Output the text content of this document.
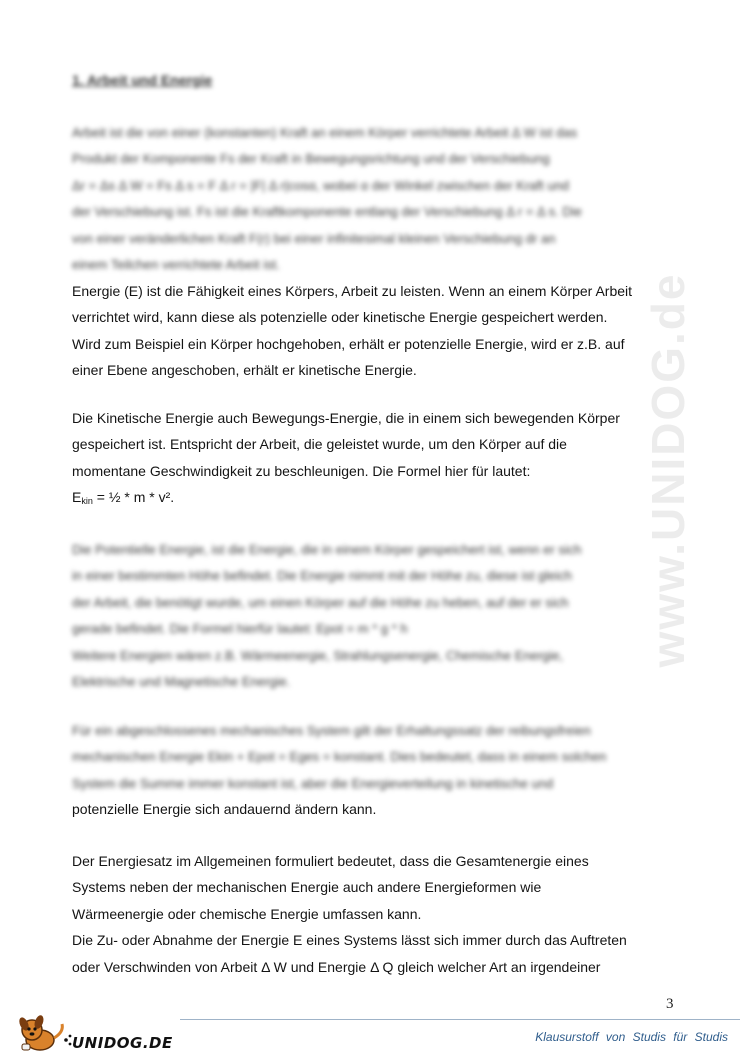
www.UNIDOG.de
1. Arbeit und Energie
Arbeit ist die von einer (konstanten) Kraft an einem Körper verrichtete Arbeit Δ W ist das
Produkt der Komponente Fs der Kraft in Bewegungsrichtung und der Verschiebung
Δr = Δs Δ W = Fs Δ s = F Δ r = |F| Δ r|cosα, wobei α der Winkel zwischen der Kraft und
der Verschiebung ist. Fs ist die Kraftkomponente entlang der Verschiebung Δ r = Δ s. Die
von einer veränderlichen Kraft F(r) bei einer infinitesimal kleinen Verschiebung dr an
einem Teilchen verrichtete Arbeit ist.
Energie (E) ist die Fähigkeit eines Körpers, Arbeit zu leisten. Wenn an einem Körper Arbeit
verrichtet wird, kann diese als potenzielle oder kinetische Energie gespeichert werden.
Wird zum Beispiel ein Körper hochgehoben, erhält er potenzielle Energie, wird er z.B. auf
einer Ebene angeschoben, erhält er kinetische Energie.
Die Kinetische Energie auch Bewegungs-Energie, die in einem sich bewegenden Körper
gespeichert ist. Entspricht der Arbeit, die geleistet wurde, um den Körper auf die
momentane Geschwindigkeit zu beschleunigen. Die Formel hier für lautet:
$E_{kin}$ = ½ * m * v².
Die Potentielle Energie, ist die Energie, die in einem Körper gespeichert ist, wenn er sich
in einer bestimmten Höhe befindet. Die Energie nimmt mit der Höhe zu, diese ist gleich
der Arbeit, die benötigt wurde, um einen Körper auf die Höhe zu heben, auf der er sich
gerade befindet. Die Formel hierfür lautet: Epot = m * g * h
Weitere Energien wären z.B. Wärmeenergie, Strahlungsenergie, Chemische Energie,
Elektrische und Magnetische Energie.
Für ein abgeschlossenes mechanisches System gilt der Erhaltungssatz der reibungsfreien
mechanischen Energie Ekin + Epot = Eges = konstant. Dies bedeutet, dass in einem solchen
System die Summe immer konstant ist, aber die Energieverteilung in kinetische und
potenzielle Energie sich andauernd ändern kann.
Der Energiesatz im Allgemeinen formuliert bedeutet, dass die Gesamtenergie eines
Systems neben der mechanischen Energie auch andere Energieformen wie
Wärmeenergie oder chemische Energie umfassen kann.
Die Zu- oder Abnahme der Energie E eines Systems lässt sich immer durch das Auftreten
oder Verschwinden von Arbeit Δ W und Energie Δ Q gleich welcher Art an irgendeiner
3
UNIDOG.DE	Klausurstoff von Studis für Studis
